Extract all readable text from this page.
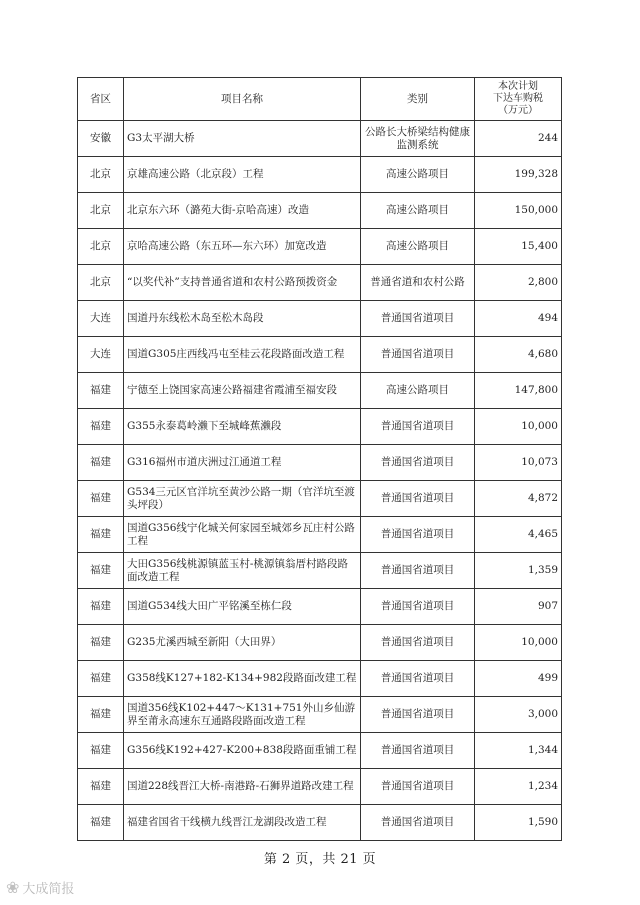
省区	项目名称	类别	本次计划
下达车购税
（万元）

安徽	G3太平湖大桥	公路长大桥梁结构健康监测系统	244
北京	京雄高速公路（北京段）工程	高速公路项目	199,328
北京	北京东六环（潞苑大街-京哈高速）改造	高速公路项目	150,000
北京	京哈高速公路（东五环—东六环）加宽改造	高速公路项目	15,400
北京	“以奖代补”支持普通省道和农村公路预拨资金	普通省道和农村公路	2,800
大连	国道丹东线松木岛至松木岛段	普通国省道项目	494
大连	国道G305庄西线冯屯至桂云花段路面改造工程	普通国省道项目	4,680
福建	宁德至上饶国家高速公路福建省霞浦至福安段	高速公路项目	147,800
福建	G355永泰葛岭濑下至城峰蕉濑段	普通国省道项目	10,000
福建	G316福州市道庆洲过江通道工程	普通国省道项目	10,073
福建	G534三元区官洋坑至黄沙公路一期（官洋坑至渡头坪段）	普通国省道项目	4,872
福建	国道G356线宁化城关何家园至城郊乡瓦庄村公路工程	普通国省道项目	4,465
福建	大田G356线桃源镇蓝玉村-桃源镇翁厝村路段路面改造工程	普通国省道项目	1,359
福建	国道G534线大田广平铭溪至栋仁段	普通国省道项目	907
福建	G235尤溪西城至新阳（大田界）	普通国省道项目	10,000
福建	G358线K127+182-K134+982段路面改建工程	普通国省道项目	499
福建	国道356线K102+447～K131+751外山乡仙游界至莆永高速东互通路段路面改造工程	普通国省道项目	3,000
福建	G356线K192+427-K200+838段路面重铺工程	普通国省道项目	1,344
福建	国道228线晋江大桥-南港路-石狮界道路改建工程	普通国省道项目	1,234
福建	福建省国省干线横九线晋江龙湖段改造工程	普通国省道项目	1,590
第 2 页，共 21 页
❀ 大成简报
